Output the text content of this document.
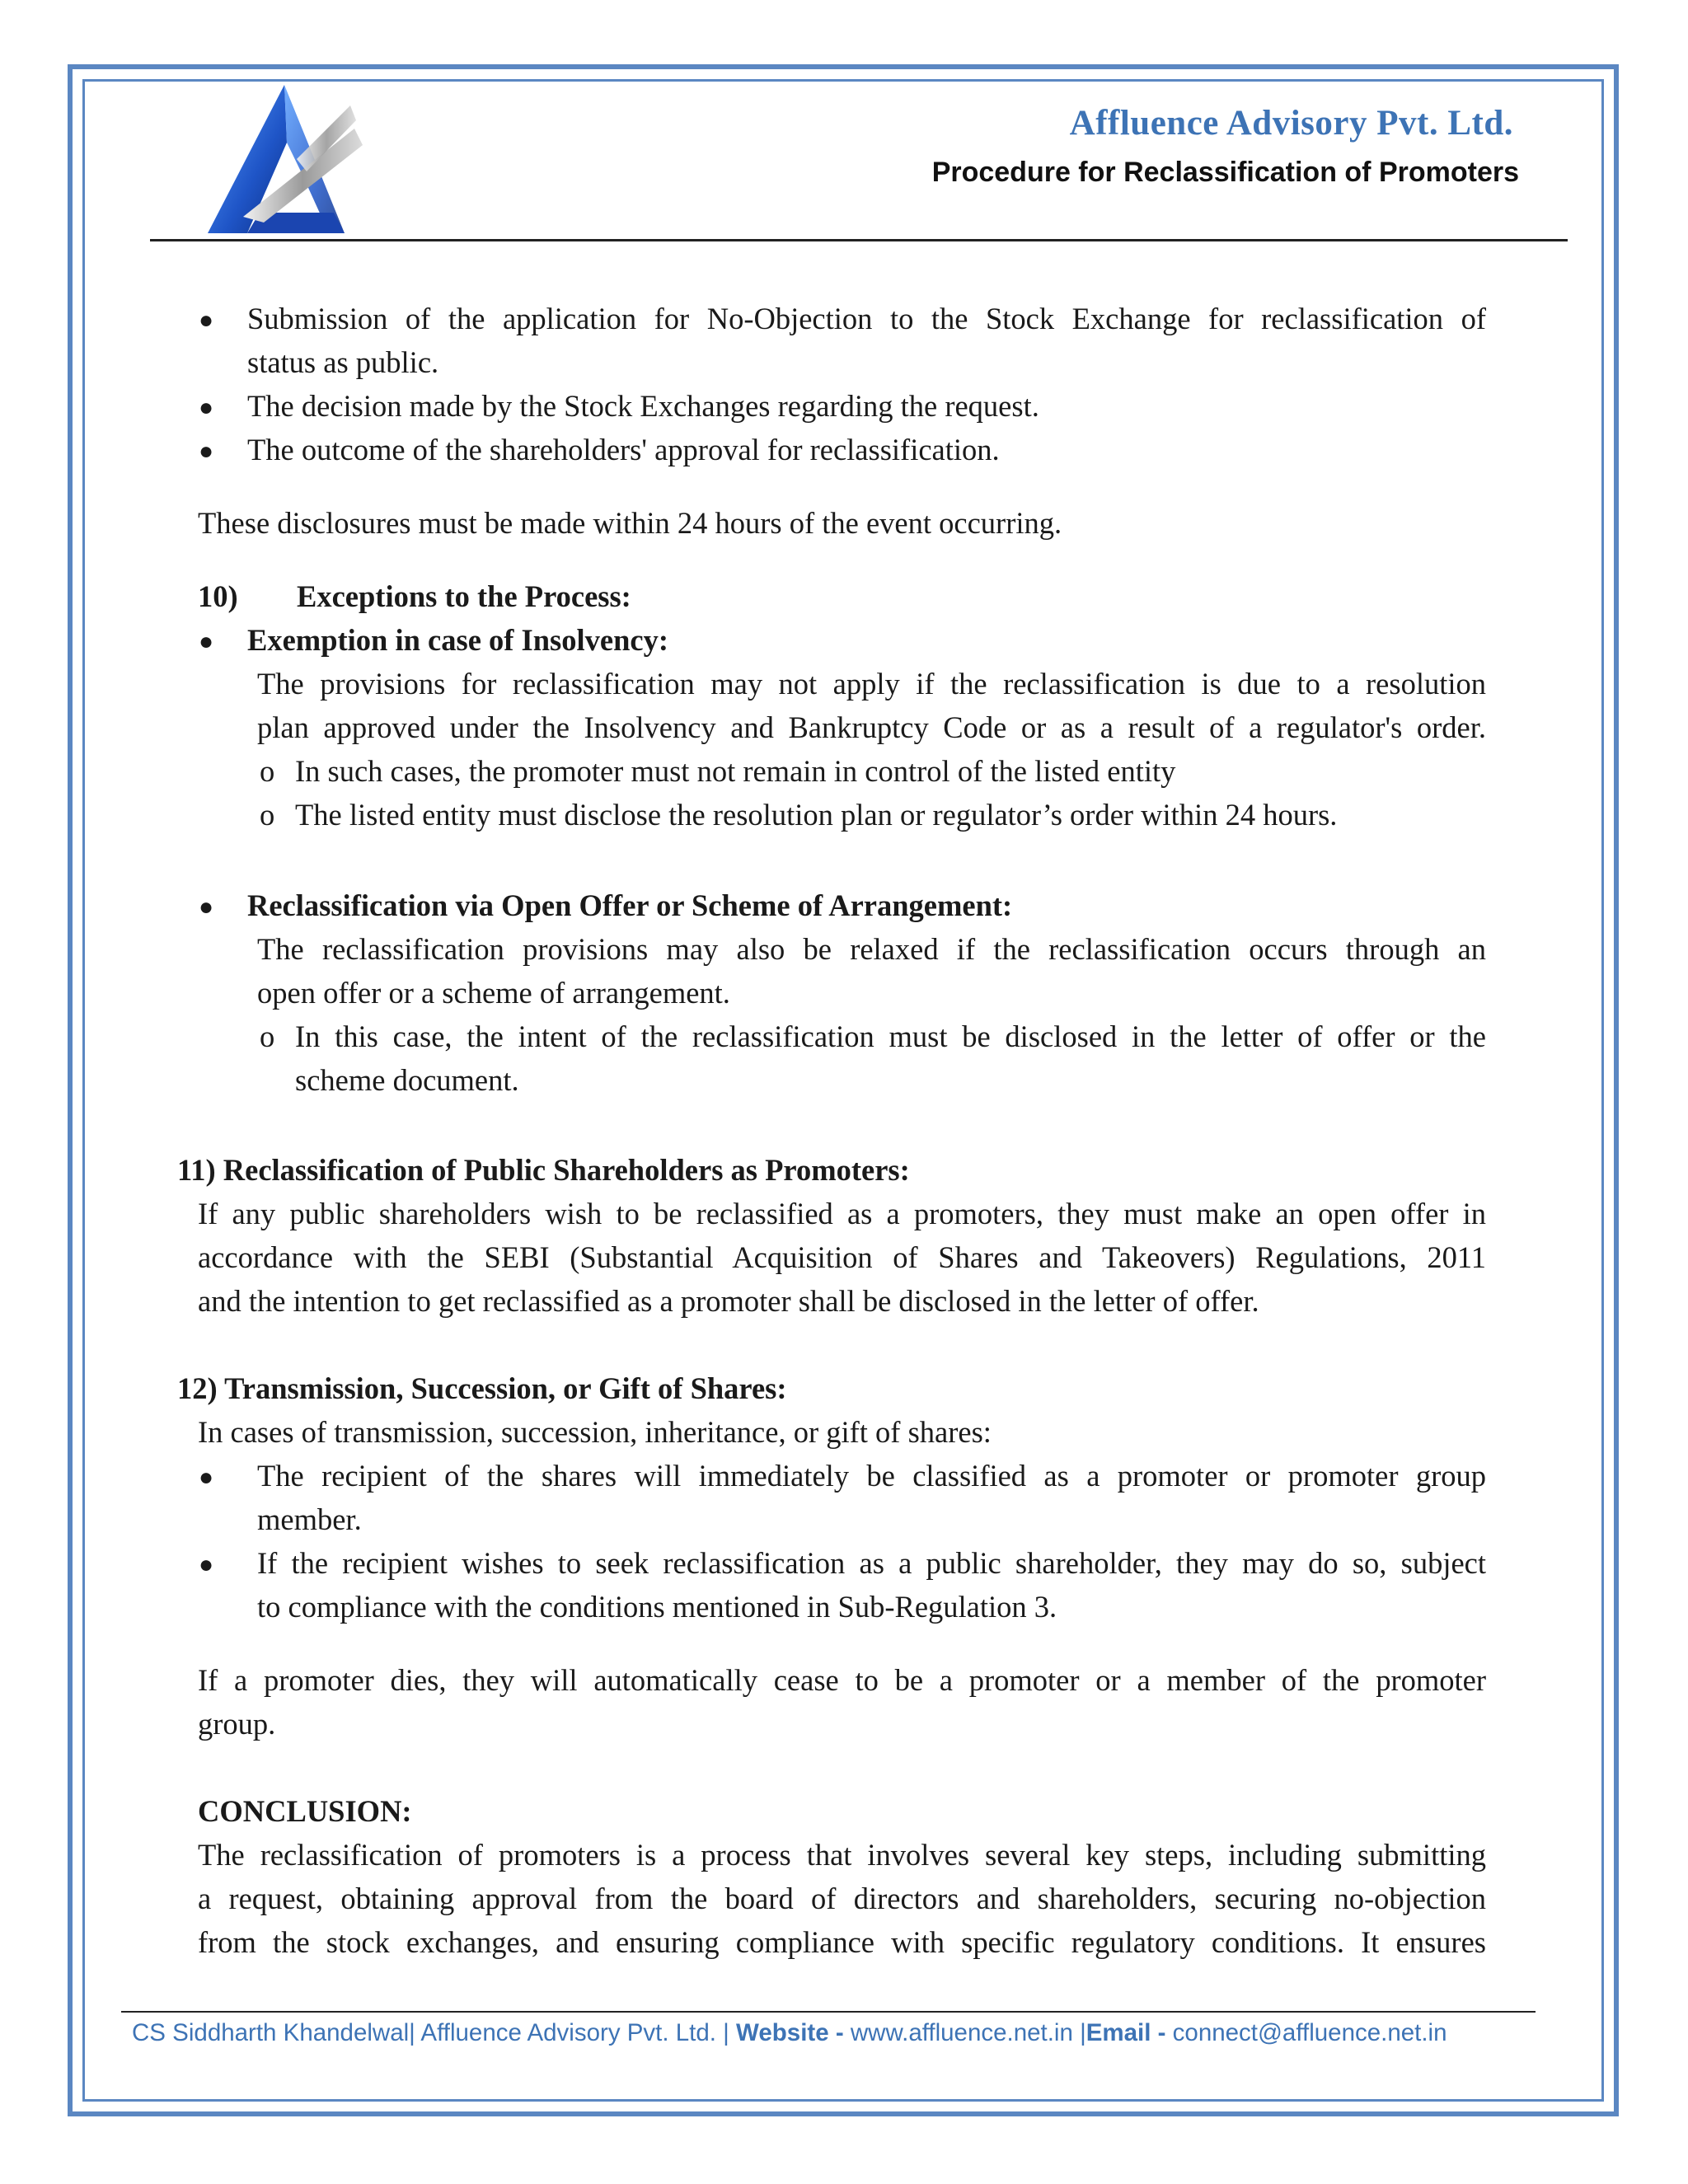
Affluence Advisory Pvt. Ltd.
Procedure for Reclassification of Promoters
● Submission of the application for No-Objection to the Stock Exchange for reclassification of
status as public.
● The decision made by the Stock Exchanges regarding the request.
● The outcome of the shareholders' approval for reclassification.
These disclosures must be made within 24 hours of the event occurring.
10) Exceptions to the Process:
● Exemption in case of Insolvency:
The provisions for reclassification may not apply if the reclassification is due to a resolution
plan approved under the Insolvency and Bankruptcy Code or as a result of a regulator's order.
o In such cases, the promoter must not remain in control of the listed entity
o The listed entity must disclose the resolution plan or regulator’s order within 24 hours.
● Reclassification via Open Offer or Scheme of Arrangement:
The reclassification provisions may also be relaxed if the reclassification occurs through an
open offer or a scheme of arrangement.
o In this case, the intent of the reclassification must be disclosed in the letter of offer or the
scheme document.
11) Reclassification of Public Shareholders as Promoters:
If any public shareholders wish to be reclassified as a promoters, they must make an open offer in
accordance with the SEBI (Substantial Acquisition of Shares and Takeovers) Regulations, 2011
and the intention to get reclassified as a promoter shall be disclosed in the letter of offer.
12) Transmission, Succession, or Gift of Shares:
In cases of transmission, succession, inheritance, or gift of shares:
● The recipient of the shares will immediately be classified as a promoter or promoter group
member.
● If the recipient wishes to seek reclassification as a public shareholder, they may do so, subject
to compliance with the conditions mentioned in Sub-Regulation 3.
If a promoter dies, they will automatically cease to be a promoter or a member of the promoter
group.
CONCLUSION:
The reclassification of promoters is a process that involves several key steps, including submitting
a request, obtaining approval from the board of directors and shareholders, securing no-objection
from the stock exchanges, and ensuring compliance with specific regulatory conditions. It ensures
CS Siddharth Khandelwal| Affluence Advisory Pvt. Ltd. | Website - www.affluence.net.in |Email - connect@affluence.net.in
